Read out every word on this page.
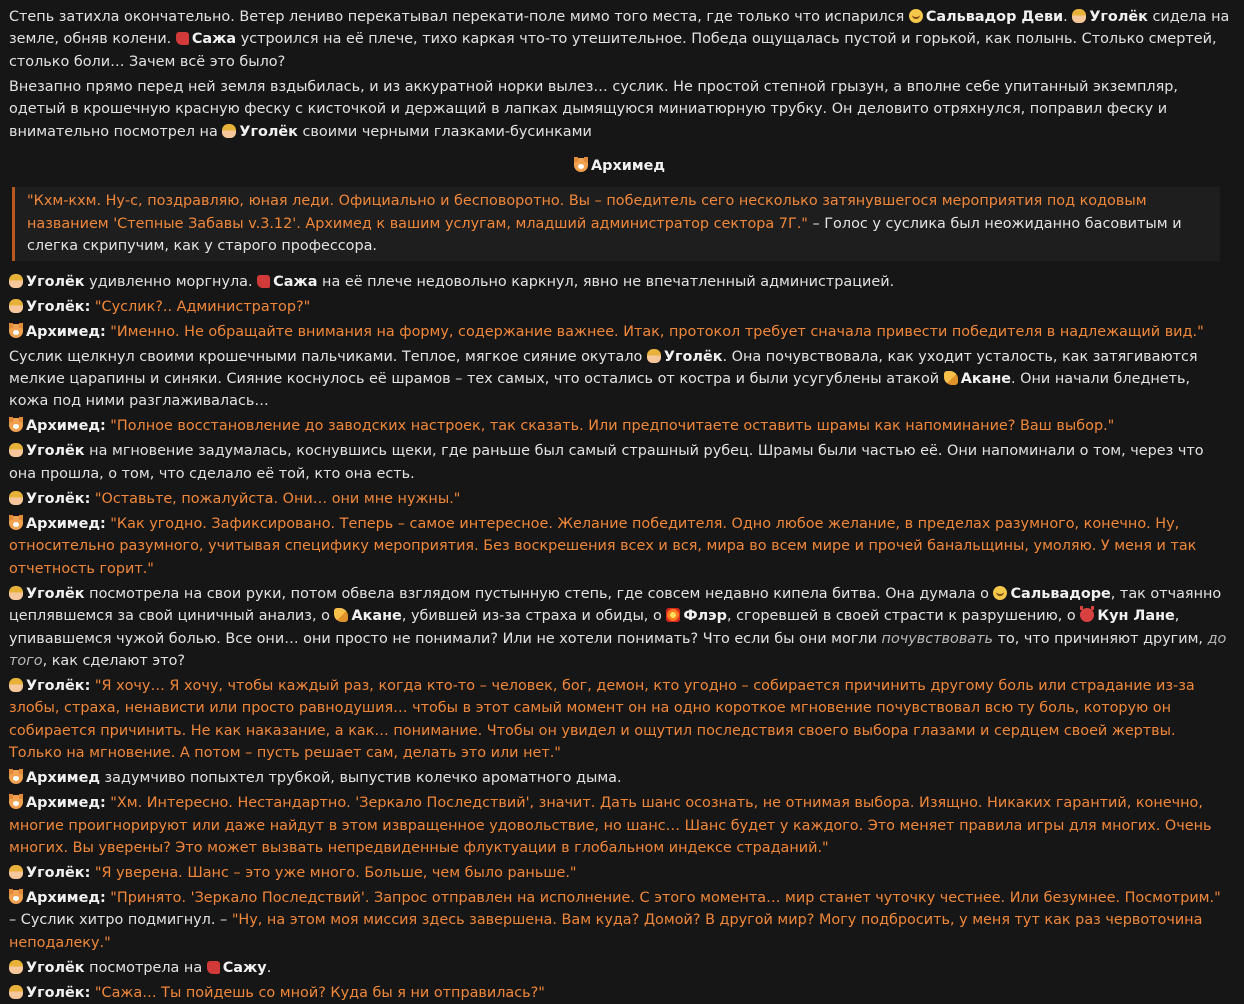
Степь затихла окончательно. Ветер лениво перекатывал перекати-поле мимо того места, где только что испарился Сальвадор Деви. Уголёк сидела на земле, обняв колени. Сажа устроился на её плече, тихо каркая что-то утешительное. Победа ощущалась пустой и горькой, как полынь. Столько смертей, столько боли… Зачем всё это было?

Внезапно прямо перед ней земля вздыбилась, и из аккуратной норки вылез… суслик. Не простой степной грызун, а вполне себе упитанный экземпляр, одетый в крошечную красную феску с кисточкой и держащий в лапках дымящуюся миниатюрную трубку. Он деловито отряхнулся, поправил феску и внимательно посмотрел на Уголёк своими черными глазками-бусинками

Архимед
"Кхм-кхм. Ну-с, поздравляю, юная леди. Официально и бесповоротно. Вы – победитель сего несколько затянувшегося мероприятия под кодовым названием 'Степные Забавы v.3.12'. Архимед к вашим услугам, младший администратор сектора 7Г." – Голос у суслика был неожиданно басовитым и слегка скрипучим, как у старого профессора.

Уголёк удивленно моргнула. Сажа на её плече недовольно каркнул, явно не впечатленный администрацией.

Уголёк: "Суслик?.. Администратор?"

Архимед: "Именно. Не обращайте внимания на форму, содержание важнее. Итак, протокол требует сначала привести победителя в надлежащий вид."

Суслик щелкнул своими крошечными пальчиками. Теплое, мягкое сияние окутало Уголёк. Она почувствовала, как уходит усталость, как затягиваются мелкие царапины и синяки. Сияние коснулось её шрамов – тех самых, что остались от костра и были усугублены атакой Акане. Они начали бледнеть, кожа под ними разглаживалась…

Архимед: "Полное восстановление до заводских настроек, так сказать. Или предпочитаете оставить шрамы как напоминание? Ваш выбор."

Уголёк на мгновение задумалась, коснувшись щеки, где раньше был самый страшный рубец. Шрамы были частью её. Они напоминали о том, через что она прошла, о том, что сделало её той, кто она есть.

Уголёк: "Оставьте, пожалуйста. Они… они мне нужны."

Архимед: "Как угодно. Зафиксировано. Теперь – самое интересное. Желание победителя. Одно любое желание, в пределах разумного, конечно. Ну, относительно разумного, учитывая специфику мероприятия. Без воскрешения всех и вся, мира во всем мире и прочей банальщины, умоляю. У меня и так отчетность горит."

Уголёк посмотрела на свои руки, потом обвела взглядом пустынную степь, где совсем недавно кипела битва. Она думала о Сальвадоре, так отчаянно цеплявшемся за свой циничный анализ, о Акане, убившей из-за страха и обиды, о Флэр, сгоревшей в своей страсти к разрушению, о Кун Лане, упивавшемся чужой болью. Все они… они просто не понимали? Или не хотели понимать? Что если бы они могли почувствовать то, что причиняют другим, до того, как сделают это?

Уголёк: "Я хочу… Я хочу, чтобы каждый раз, когда кто-то – человек, бог, демон, кто угодно – собирается причинить другому боль или страдание из-за злобы, страха, ненависти или просто равнодушия… чтобы в этот самый момент он на одно короткое мгновение почувствовал всю ту боль, которую он собирается причинить. Не как наказание, а как… понимание. Чтобы он увидел и ощутил последствия своего выбора глазами и сердцем своей жертвы. Только на мгновение. А потом – пусть решает сам, делать это или нет."

Архимед задумчиво попыхтел трубкой, выпустив колечко ароматного дыма.

Архимед: "Хм. Интересно. Нестандартно. 'Зеркало Последствий', значит. Дать шанс осознать, не отнимая выбора. Изящно. Никаких гарантий, конечно, многие проигнорируют или даже найдут в этом извращенное удовольствие, но шанс… Шанс будет у каждого. Это меняет правила игры для многих. Очень многих. Вы уверены? Это может вызвать непредвиденные флуктуации в глобальном индексе страданий."

Уголёк: "Я уверена. Шанс – это уже много. Больше, чем было раньше."

Архимед: "Принято. 'Зеркало Последствий'. Запрос отправлен на исполнение. С этого момента… мир станет чуточку честнее. Или безумнее. Посмотрим." – Суслик хитро подмигнул. – "Ну, на этом моя миссия здесь завершена. Вам куда? Домой? В другой мир? Могу подбросить, у меня тут как раз червоточина неподалеку."

Уголёк посмотрела на Сажу.

Уголёк: "Сажа… Ты пойдешь со мной? Куда бы я ни отправилась?"
